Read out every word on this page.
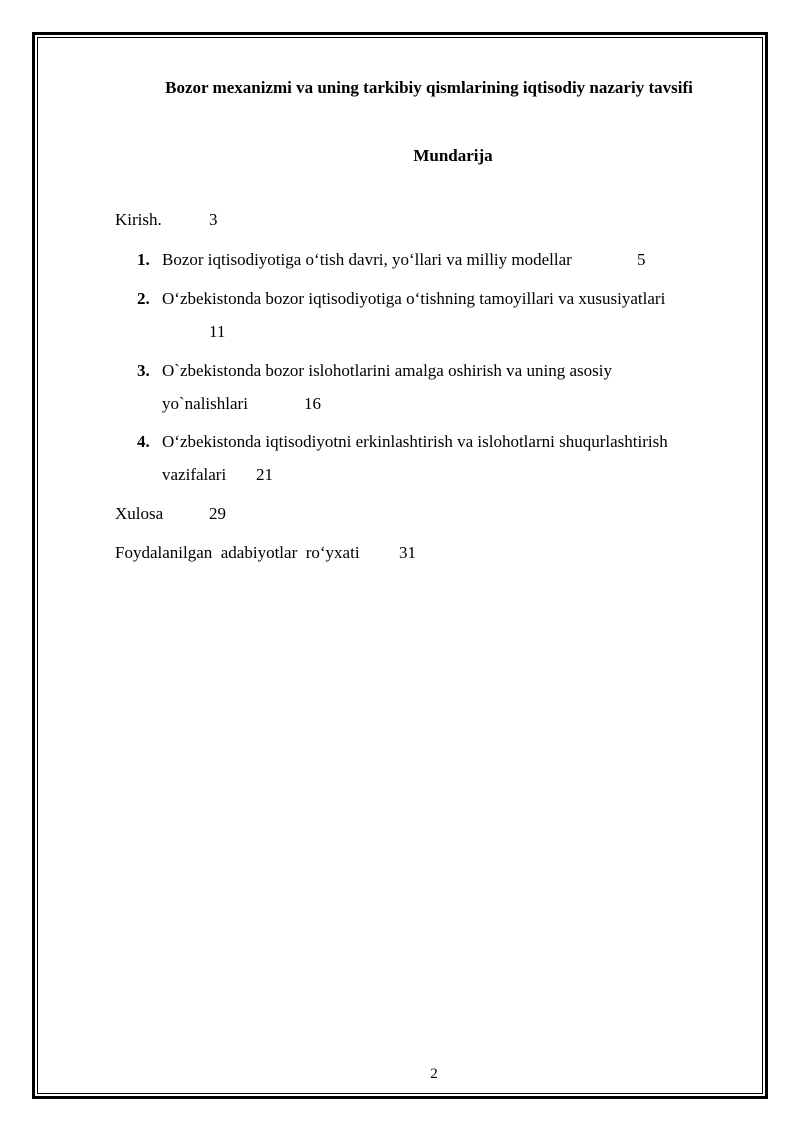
Bozor mexanizmi va uning tarkibiy qismlarining iqtisodiy nazariy tavsifi
Mundarija
Kirish.	3
1. Bozor iqtisodiyotiga o‘tish davri, yo‘llari va milliy modellar	5
2. O‘zbekistonda bozor iqtisodiyotiga o‘tishning tamoyillari va xususiyatlari
11
3. O`zbekistonda bozor islohotlarini amalga oshirish va uning asosiy
yo`nalishlari	16
4. O‘zbekistonda iqtisodiyotni erkinlashtirish va islohotlarni shuqurlashtirish
vazifalari 21
Xulosa	29
Foydalanilgan  adabiyotlar  ro‘yxati 31
2
